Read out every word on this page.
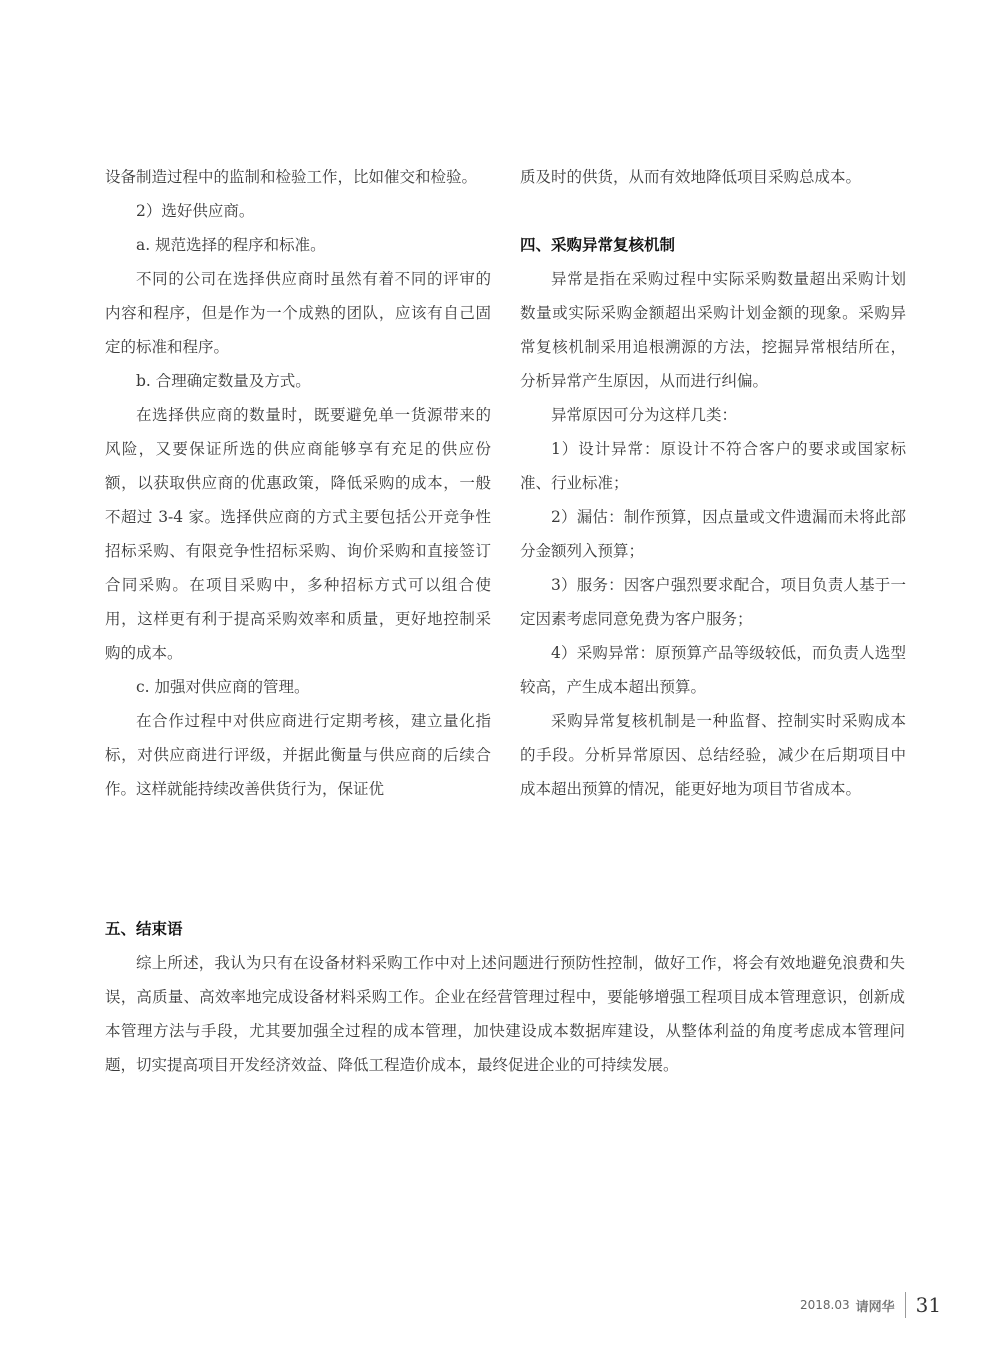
设备制造过程中的监制和检验工作，比如催交和检验。

2）选好供应商。

a. 规范选择的程序和标准。

不同的公司在选择供应商时虽然有着不同的评审的内容和程序，但是作为一个成熟的团队，应该有自己固定的标准和程序。

b. 合理确定数量及方式。

在选择供应商的数量时，既要避免单一货源带来的风险，又要保证所选的供应商能够享有充足的供应份额，以获取供应商的优惠政策，降低采购的成本，一般不超过 3-4 家。选择供应商的方式主要包括公开竞争性招标采购、有限竞争性招标采购、询价采购和直接签订合同采购。在项目采购中，多种招标方式可以组合使用，这样更有利于提高采购效率和质量，更好地控制采购的成本。

c. 加强对供应商的管理。

在合作过程中对供应商进行定期考核，建立量化指标，对供应商进行评级，并据此衡量与供应商的后续合作。这样就能持续改善供货行为，保证优

质及时的供货，从而有效地降低项目采购总成本。

四、采购异常复核机制

异常是指在采购过程中实际采购数量超出采购计划数量或实际采购金额超出采购计划金额的现象。采购异常复核机制采用追根溯源的方法，挖掘异常根结所在，分析异常产生原因，从而进行纠偏。

异常原因可分为这样几类：

1）设计异常：原设计不符合客户的要求或国家标准、行业标准；

2）漏估：制作预算，因点量或文件遗漏而未将此部分金额列入预算；

3）服务：因客户强烈要求配合，项目负责人基于一定因素考虑同意免费为客户服务；

4）采购异常：原预算产品等级较低，而负责人选型较高，产生成本超出预算。

采购异常复核机制是一种监督、控制实时采购成本的手段。分析异常原因、总结经验，减少在后期项目中成本超出预算的情况，能更好地为项目节省成本。

五、结束语

综上所述，我认为只有在设备材料采购工作中对上述问题进行预防性控制，做好工作，将会有效地避免浪费和失误，高质量、高效率地完成设备材料采购工作。企业在经营管理过程中，要能够增强工程项目成本管理意识，创新成本管理方法与手段，尤其要加强全过程的成本管理，加快建设成本数据库建设，从整体利益的角度考虑成本管理问题，切实提高项目开发经济效益、降低工程造价成本，最终促进企业的可持续发展。

2018.03 请网华 31
